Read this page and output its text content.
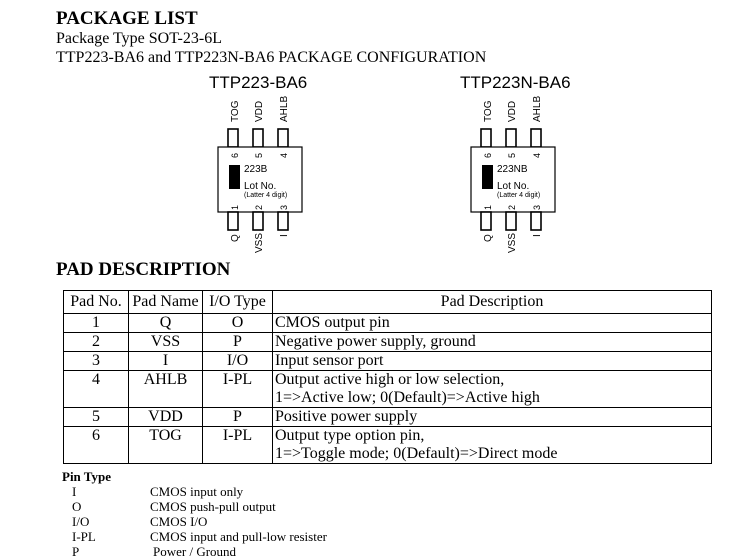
PACKAGE LIST
Package Type SOT-23-6L
TTP223-BA6 and TTP223N-BA6 PACKAGE CONFIGURATION
TTP223-BA6
TOG VDD AHLB
6 5 4
223B
Lot No.
(Latter 4 digit)
1 2 3
Q VSS I
TTP223N-BA6
TOG VDD AHLB
6 5 4
223NB
Lot No.
(Latter 4 digit)
1 2 3
Q VSS I
PAD DESCRIPTION
Pad No.	Pad Name	I/O Type	Pad Description
1	Q	O	CMOS output pin
2	VSS	P	Negative power supply, ground
3	I	I/O	Input sensor port
4	AHLB	I-PL	Output active high or low selection,
1=>Active low; 0(Default)=>Active high

5	VDD	P	Positive power supply
6	TOG	I-PL	Output type option pin,
1=>Toggle mode; 0(Default)=>Direct mode
Pin Type
I	CMOS input only
O	CMOS push-pull output
I/O	CMOS I/O
I-PL	CMOS input and pull-low resister
P	Power / Ground
